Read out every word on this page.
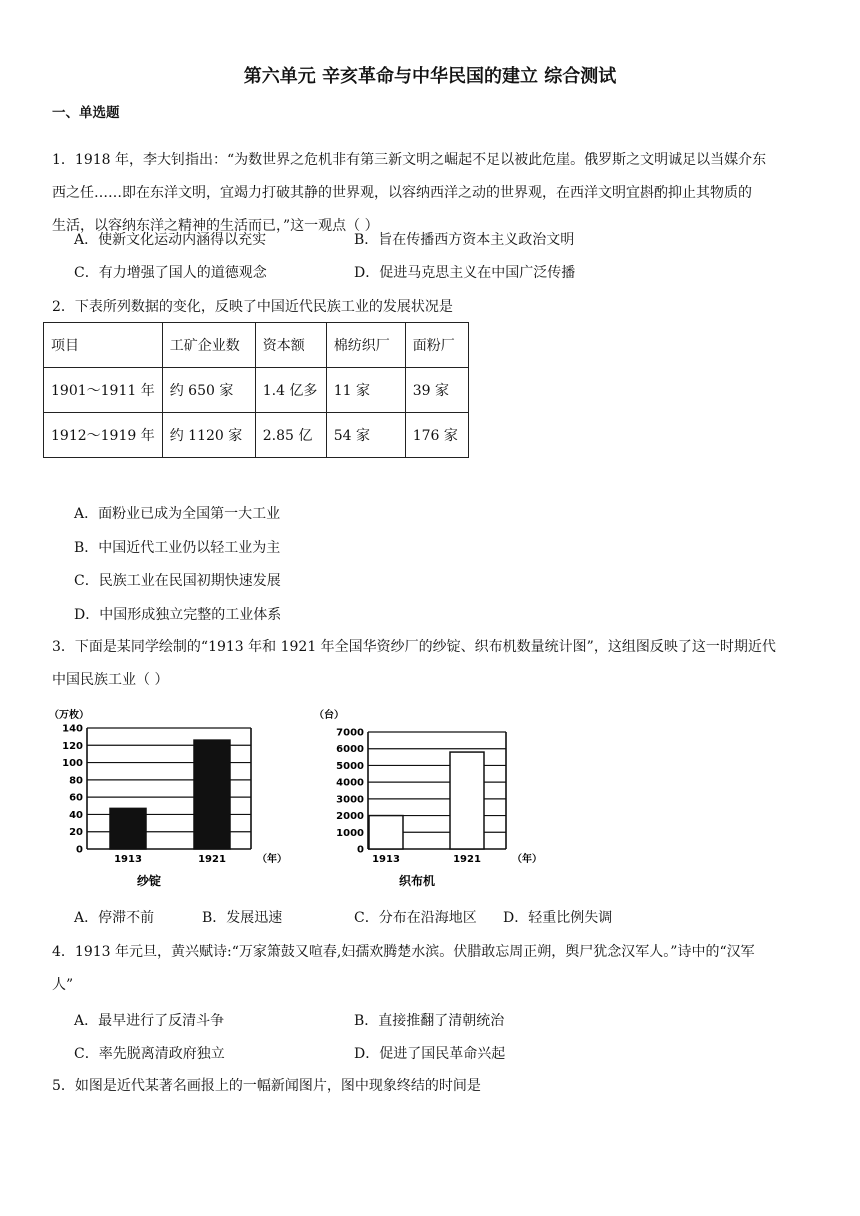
第六单元 辛亥革命与中华民国的建立 综合测试
一、单选题
1．1918 年，李大钊指出：“为数世界之危机非有第三新文明之崛起不足以被此危崖。俄罗斯之文明诚足以当媒介东
西之任……即在东洋文明，宜竭力打破其静的世界观，以容纳西洋之动的世界观，在西洋文明宜斟酌抑止其物质的
生活，以容纳东洋之精神的生活而已，”这一观点（ ）
A．使新文化运动内涵得以充实	B．旨在传播西方资本主义政治文明
C．有力增强了国人的道德观念	D．促进马克思主义在中国广泛传播
2．下表所列数据的变化，反映了中国近代民族工业的发展状况是
项目	工矿企业数	资本额	棉纺织厂	面粉厂
1901～1911 年	约 650 家	1.4 亿多	11 家	39 家
1912～1919 年	约 1120 家	2.85 亿	54 家	176 家
A．面粉业已成为全国第一大工业
B．中国近代工业仍以轻工业为主
C．民族工业在民国初期快速发展
D．中国形成独立完整的工业体系
3．下面是某同学绘制的“1913 年和 1921 年全国华资纱厂的纱锭、织布机数量统计图”，这组图反映了这一时期近代
中国民族工业（ ）
（万枚）
0
20
40
60
80
100
120
140
1913	1921	（年）
纱锭
（台）
0
1000
2000
3000
4000
5000
6000
7000
1913	1921	（年）
织布机
A．停滞不前	B．发展迅速	C．分布在沿海地区 D．轻重比例失调
4．1913 年元旦，黄兴赋诗:“万家箫鼓又喧春,妇孺欢腾楚水滨。伏腊敢忘周正朔，舆尸犹念汉军人。”诗中的“汉军
人”
A．最早进行了反清斗争	B．直接推翻了清朝统治
C．率先脱离清政府独立	D．促进了国民革命兴起
5．如图是近代某著名画报上的一幅新闻图片，图中现象终结的时间是
